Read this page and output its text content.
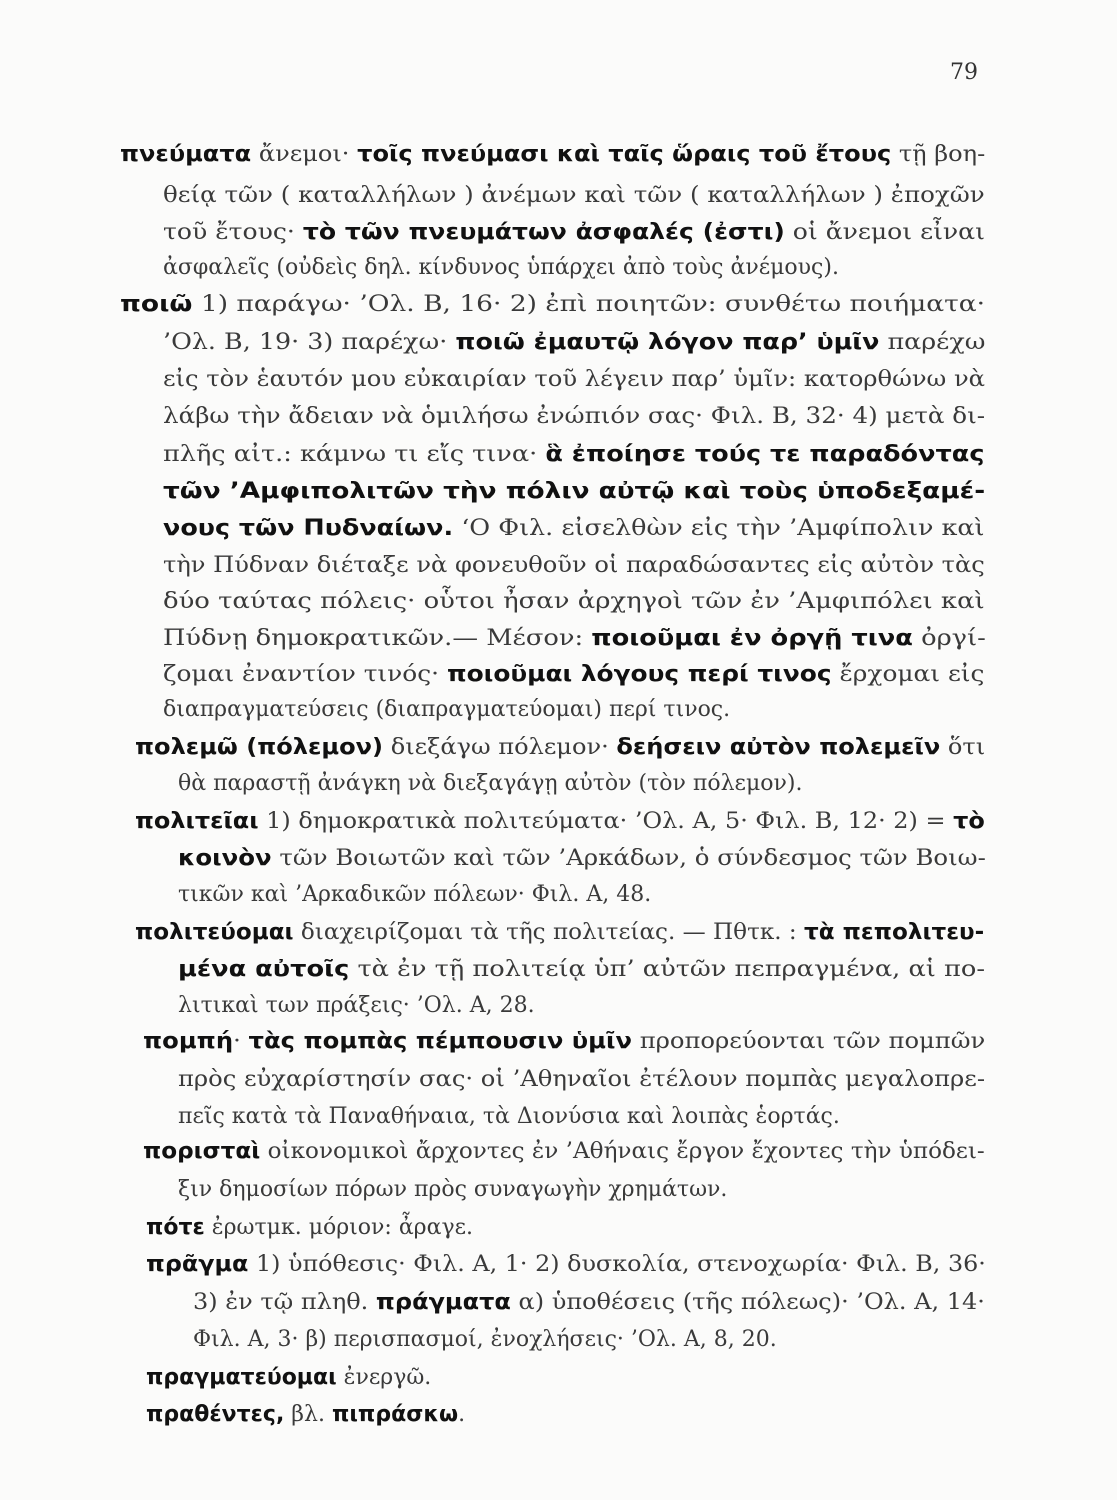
79
πνεύματα ἄνεμοι· τοῖς πνεύμασι καὶ ταῖς ὥραις τοῦ ἔτους τῇ βοη-
θείᾳ τῶν ( καταλλήλων ) ἀνέμων καὶ τῶν ( καταλλήλων ) ἐποχῶν
τοῦ ἔτους· τὸ τῶν πνευμάτων ἀσφαλές (ἐστι) οἱ ἄνεμοι εἶναι
ἀσφαλεῖς (οὐδεὶς δηλ. κίνδυνος ὑπάρχει ἀπὸ τοὺς ἀνέμους).
ποιῶ 1) παράγω· ’Ολ. Β, 16· 2) ἐπὶ ποιητῶν: συνθέτω ποιήματα·
’Ολ. Β, 19· 3) παρέχω· ποιῶ ἐμαυτῷ λόγον παρ’ ὑμῖν παρέχω
εἰς τὸν ἑαυτόν μου εὐκαιρίαν τοῦ λέγειν παρ’ ὑμῖν: κατορθώνω νὰ
λάβω τὴν ἄδειαν νὰ ὁμιλήσω ἐνώπιόν σας· Φιλ. Β, 32· 4) μετὰ δι-
πλῆς αἰτ.: κάμνω τι εἴς τινα· ἃ ἐποίησε τούς τε παραδόντας
τῶν ’Αμφιπολιτῶν τὴν πόλιν αὐτῷ καὶ τοὺς ὑποδεξαμέ-
νους τῶν Πυδναίων. ‘Ο Φιλ. εἰσελθὼν εἰς τὴν ’Αμφίπολιν καὶ
τὴν Πύδναν διέταξε νὰ φονευθοῦν οἱ παραδώσαντες εἰς αὐτὸν τὰς
δύο ταύτας πόλεις· οὗτοι ἦσαν ἀρχηγοὶ τῶν ἐν ’Αμφιπόλει καὶ
Πύδνῃ δημοκρατικῶν.— Μέσον: ποιοῦμαι ἐν ὀργῇ τινα ὀργί-
ζομαι ἐναντίον τινός· ποιοῦμαι λόγους περί τινος ἔρχομαι εἰς
διαπραγματεύσεις (διαπραγματεύομαι) περί τινος.
πολεμῶ (πόλεμον) διεξάγω πόλεμον· δεήσειν αὐτὸν πολεμεῖν ὅτι
θὰ παραστῇ ἀνάγκη νὰ διεξαγάγῃ αὐτὸν (τὸν πόλεμον).
πολιτεῖαι 1) δημοκρατικὰ πολιτεύματα· ’Ολ. Α, 5· Φιλ. Β, 12· 2) = τὸ
κοινὸν τῶν Βοιωτῶν καὶ τῶν ’Αρκάδων, ὁ σύνδεσμος τῶν Βοιω-
τικῶν καὶ ’Αρκαδικῶν πόλεων· Φιλ. Α, 48.
πολιτεύομαι διαχειρίζομαι τὰ τῆς πολιτείας. — Πθτκ. : τὰ πεπολιτευ-
μένα αὐτοῖς τὰ ἐν τῇ πολιτείᾳ ὑπ’ αὐτῶν πεπραγμένα, αἱ πο-
λιτικαὶ των πράξεις· ’Ολ. Α, 28.
πομπή· τὰς πομπὰς πέμπουσιν ὑμῖν προπορεύονται τῶν πομπῶν
πρὸς εὐχαρίστησίν σας· οἱ ’Αθηναῖοι ἐτέλουν πομπὰς μεγαλοπρε-
πεῖς κατὰ τὰ Παναθήναια, τὰ Διονύσια καὶ λοιπὰς ἑορτάς.
πορισταὶ οἰκονομικοὶ ἄρχοντες ἐν ’Αθήναις ἔργον ἔχοντες τὴν ὑπόδει-
ξιν δημοσίων πόρων πρὸς συναγωγὴν χρημάτων.
πότε ἐρωτμκ. μόριον: ἆραγε.
πρᾶγμα 1) ὑπόθεσις· Φιλ. Α, 1· 2) δυσκολία, στενοχωρία· Φιλ. Β, 36·
3) ἐν τῷ πληθ. πράγματα α) ὑποθέσεις (τῆς πόλεως)· ’Ολ. Α, 14·
Φιλ. Α, 3· β) περισπασμοί, ἐνοχλήσεις· ’Ολ. Α, 8, 20.
πραγματεύομαι ἐνεργῶ.
πραθέντες, βλ. πιπράσκω.
